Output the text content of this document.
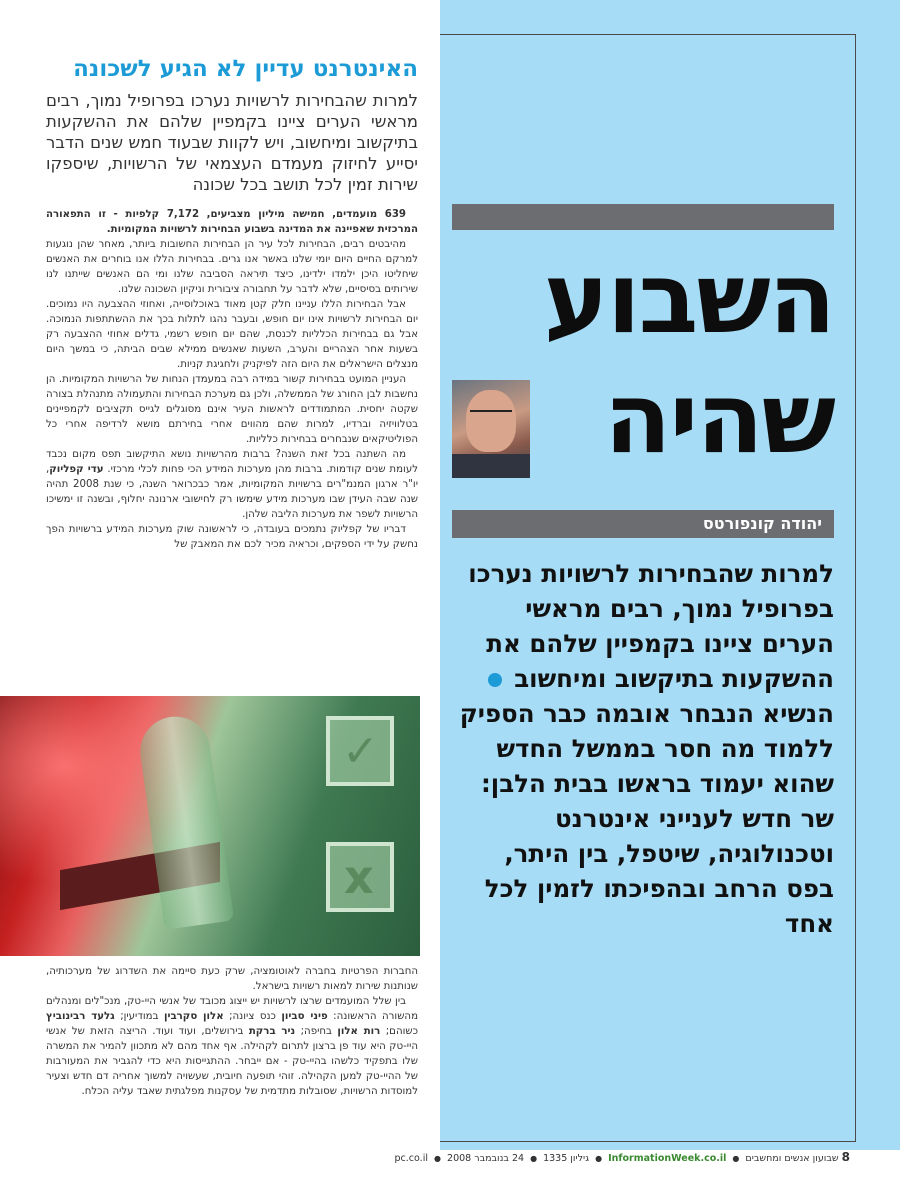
האינטרנט עדיין לא הגיע לשכונה
למרות שהבחירות לרשויות נערכו בפרופיל נמוך, רבים מראשי הערים ציינו בקמפיין שלהם את ההשקעות בתיקשוב ומיחשוב, ויש לקוות שבעוד חמש שנים הדבר יסייע לחיזוק מעמדם העצמאי של הרשויות, שיספקו שירות זמין לכל תושב בכל שכונה

639 מועמדים, חמישה מיליון מצביעים, 7,172 קלפיות - זו התפאורה המרכזית שאפיינה את המדינה בשבוע הבחירות לרשויות המקומיות.

מהיבטים רבים, הבחירות לכל עיר הן הבחירות החשובות ביותר, מאחר שהן נוגעות למרקם החיים היום יומי שלנו באשר אנו גרים. בבחירות הללו אנו בוחרים את האנשים שיחליטו היכן ילמדו ילדינו, כיצד תיראה הסביבה שלנו ומי הם האנשים שייתנו לנו שירותים בסיסיים, שלא לדבר על תחבורה ציבורית וניקיון השכונה שלנו.

אבל הבחירות הללו עניינו חלק קטן מאוד באוכלוסייה, ואחוזי ההצבעה היו נמוכים. יום הבחירות לרשויות אינו יום חופש, ובעבר נהגו לתלות בכך את ההשתתפות הנמוכה. אבל גם בבחירות הכלליות לכנסת, שהם יום חופש רשמי, גדלים אחוזי ההצבעה רק בשעות אחר הצהריים והערב, השעות שאנשים ממילא שבים הביתה, כי במשך היום מנצלים הישראלים את היום הזה לפיקניק ולחגיגת קניות.

העניין המועט בבחירות קשור במידה רבה במעמדן הנחות של הרשויות המקומיות. הן נחשבות לבן החורג של הממשלה, ולכן גם מערכת הבחירות והתעמולה מתנהלת בצורה שקטה יחסית. המתמודדים לראשות העיר אינם מסוגלים לגייס תקציבים לקמפיינים בטלוויזיה וברדיו, למרות שהם מהווים אחרי בחירתם מושא לרדיפה אחרי כל הפוליטיקאים שנבחרים בבחירות כלליות.

מה השתנה בכל זאת השנה? ברבות מהרשויות נושא התיקשוב תפס מקום נכבד לעומת שנים קודמות. ברבות מהן מערכות המידע הכי פחות לכלי מרכזי. עדי קפליוק, יו"ר ארגון המנמ"רים ברשויות המקומיות, אמר כבכרואר השנה, כי שנת 2008 תהיה שנה שבה העידן שבו מערכות מידע שימשו רק לחישובי ארנונה יחלוף, ובשנה זו ימשיכו הרשויות לשפר את מערכות הליבה שלהן.

דבריו של קפליוק נתמכים בעובדה, כי לראשונה שוק מערכות המידע ברשויות הפך נחשק על ידי הספקים, וכראיה מכיר לכם את המאבק של

השבוע
שהיה
יהודה קונפורטס
למרות שהבחירות לרשויות נערכו בפרופיל נמוך, רבים מראשי הערים ציינו בקמפיין שלהם את ההשקעות בתיקשוב ומיחשוב  הנשיא הנבחר אובמה כבר הספיק ללמוד מה חסר בממשל החדש שהוא יעמוד בראשו בבית הלבן: שר חדש לענייני אינטרנט וטכנולוגיה, שיטפל, בין היתר, בפס הרחב ובהפיכתו לזמין לכל אחד
✓
x

החברות הפרטיות בחברה לאוטומציה, שרק כעת סיימה את השדרוג של מערכותיה, שנותנות שירות למאות רשויות בישראל.

בין שלל המועמדים שרצו לרשויות יש ייצוג מכובד של אנשי היי-טק, מנכ"לים ומנהלים מהשורה הראשונה: פיני סביון כנס ציונה; אלון סקרבין במודיעין; גלעד רבינוביץ כשוהם; רות אלון בחיפה; ניר ברקת בירושלים, ועוד ועוד. הריצה הזאת של אנשי היי-טק היא עוד פן ברצון לתרום לקהילה. אף אחד מהם לא מתכוון להמיר את המשרה שלו בתפקיד כלשהו בהיי-טק - אם ייבחר. ההתגייסות היא כדי להגביר את המעורבות של ההיי-טק למען הקהילה. זוהי תופעה חיובית, שעשויה למשוך אחריה דם חדש וצעיר למוסדות הרשויות, שסובלות מתדמית של עסקנות מפלגתית שאבד עליה הכלח.

8 שבועון אנשים ומחשבים ● InformationWeek.co.il ● גיליון 1335 ● 24 בנובמבר 2008 ● pc.co.il
